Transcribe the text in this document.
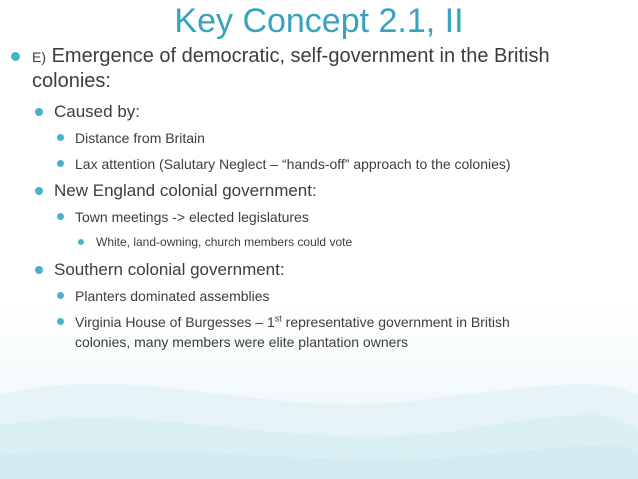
Key Concept 2.1, II
E) Emergence of democratic, self-government in the British
colonies:
Caused by:
Distance from Britain
Lax attention (Salutary Neglect – “hands-off” approach to the colonies)
New England colonial government:
Town meetings -> elected legislatures
White, land-owning, church members could vote
Southern colonial government:
Planters dominated assemblies
Virginia House of Burgesses – 1st representative government in British
colonies, many members were elite plantation owners
